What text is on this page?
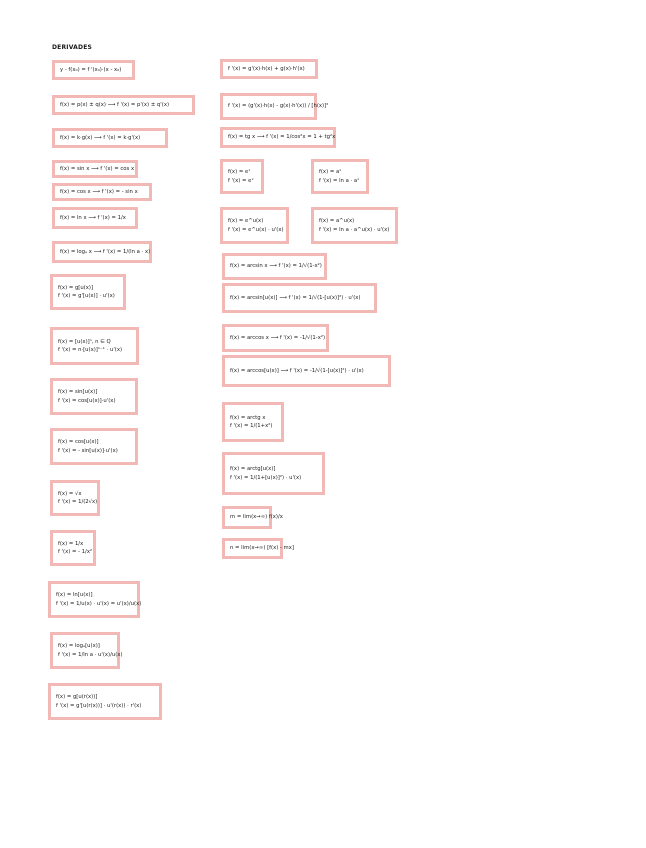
DERIVADES
y - f(x₀) = f '(x₀)·(x - x₀)
f(x) = p(x) ± q(x) ⟶ f '(x) = p'(x) ± q'(x)
f(x) = k·g(x) ⟶ f '(x) = k·g'(x)
f(x) = sin x ⟶ f '(x) = cos x
f(x) = cos x ⟶ f '(x) = - sin x
f(x) = ln x ⟶ f '(x) = 1/x
f(x) = logₐ x ⟶ f '(x) = 1/(ln a · x)
f(x) = g[u(x)]
f '(x) = g'[u(x)] · u'(x)
f(x) = [u(x)]ⁿ, n ∈ Q
f '(x) = n·[u(x)]ⁿ⁻¹ · u'(x)
f(x) = sin[u(x)]
f '(x) = cos[u(x)]·u'(x)
f(x) = cos[u(x)]
f '(x) = - sin[u(x)]·u'(x)
f(x) = √x
f '(x) = 1/(2√x)
f(x) = 1/x
f '(x) = - 1/x²
f(x) = ln[u(x)]
f '(x) = 1/u(x) · u'(x) = u'(x)/u(x)
f(x) = logₐ[u(x)]
f '(x) = 1/ln a · u'(x)/u(x)
f(x) = g[u(r(x))]
f '(x) = g'[u(r(x))] · u'(r(x)) · r'(x)
f '(x) = g'(x)·h(x) + g(x)·h'(x)
f '(x) = (g'(x)·h(x) - g(x)·h'(x)) / [h(x)]²
f(x) = tg x ⟶ f '(x) = 1/cos²x = 1 + tg²x
f(x) = eˣ
f '(x) = eˣ
f(x) = aˣ
f '(x) = ln a · aˣ
f(x) = e^u(x)
f '(x) = e^u(x) · u'(x)
f(x) = a^u(x)
f '(x) = ln a · a^u(x) · u'(x)
f(x) = arcsin x ⟶ f '(x) = 1/√(1-x²)
f(x) = arcsin[u(x)] ⟶ f '(x) = 1/√(1-[u(x)]²) · u'(x)
f(x) = arccos x ⟶ f '(x) = -1/√(1-x²)
f(x) = arccos[u(x)] ⟶ f '(x) = -1/√(1-[u(x)]²) · u'(x)
f(x) = arctg x
f '(x) = 1/(1+x²)
f(x) = arctg[u(x)]
f '(x) = 1/(1+[u(x)]²) · u'(x)
m = lim(x→∞) f(x)/x
n = lim(x→∞) [f(x) - mx]
